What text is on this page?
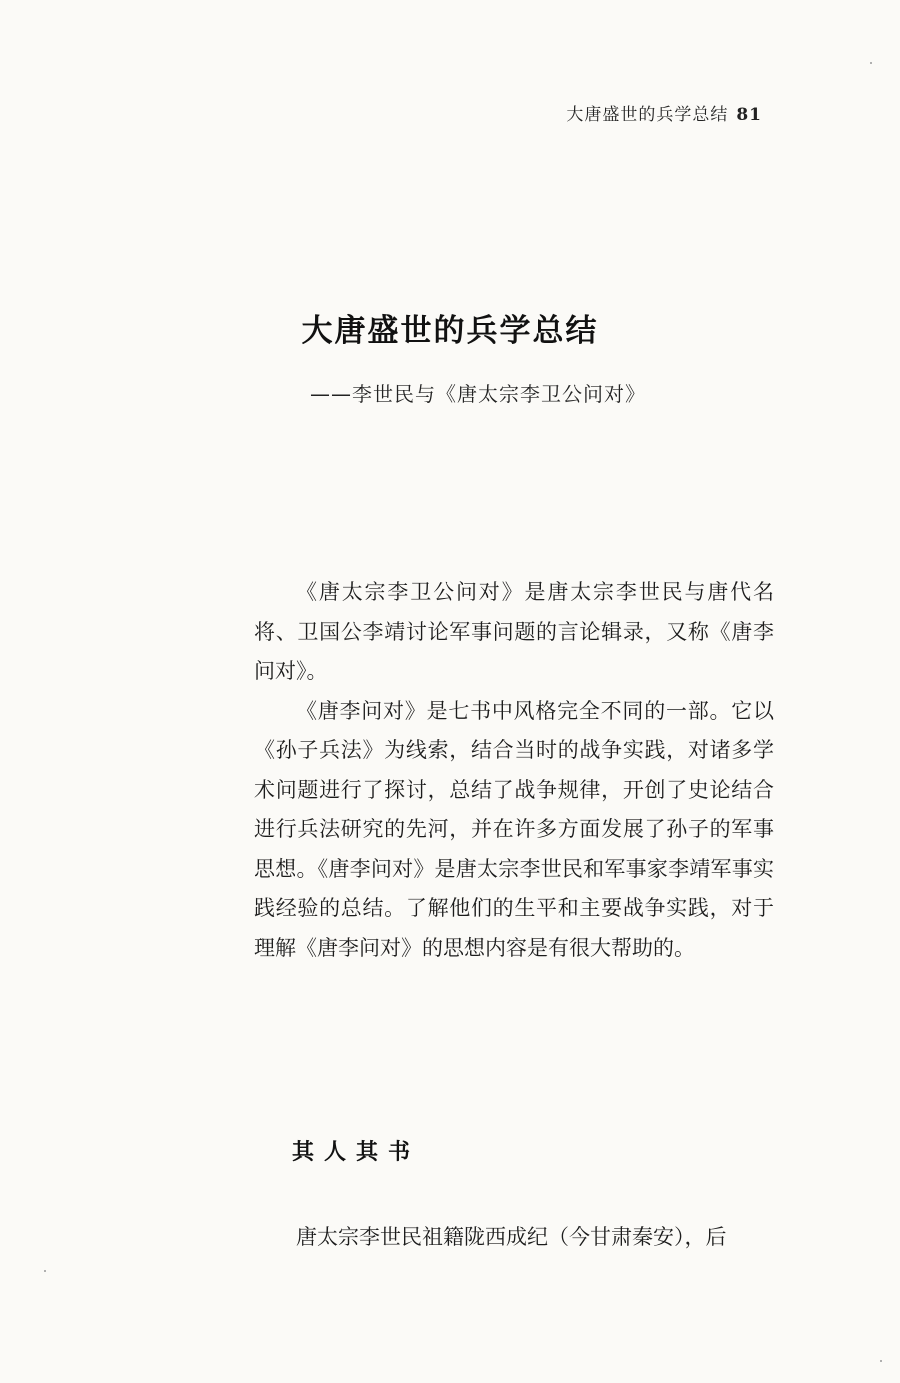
大唐盛世的兵学总结 81
大唐盛世的兵学总结
——李世民与《唐太宗李卫公问对》

《唐太宗李卫公问对》是唐太宗李世民与唐代名将、卫国公李靖讨论军事问题的言论辑录，又称《唐李问对》。

《唐李问对》是七书中风格完全不同的一部。它以《孙子兵法》为线索，结合当时的战争实践，对诸多学术问题进行了探讨，总结了战争规律，开创了史论结合进行兵法研究的先河，并在许多方面发展了孙子的军事思想。《唐李问对》是唐太宗李世民和军事家李靖军事实践经验的总结。了解他们的生平和主要战争实践，对于理解《唐李问对》的思想内容是有很大帮助的。

其人其书

唐太宗李世民祖籍陇西成纪（今甘肃秦安），后
